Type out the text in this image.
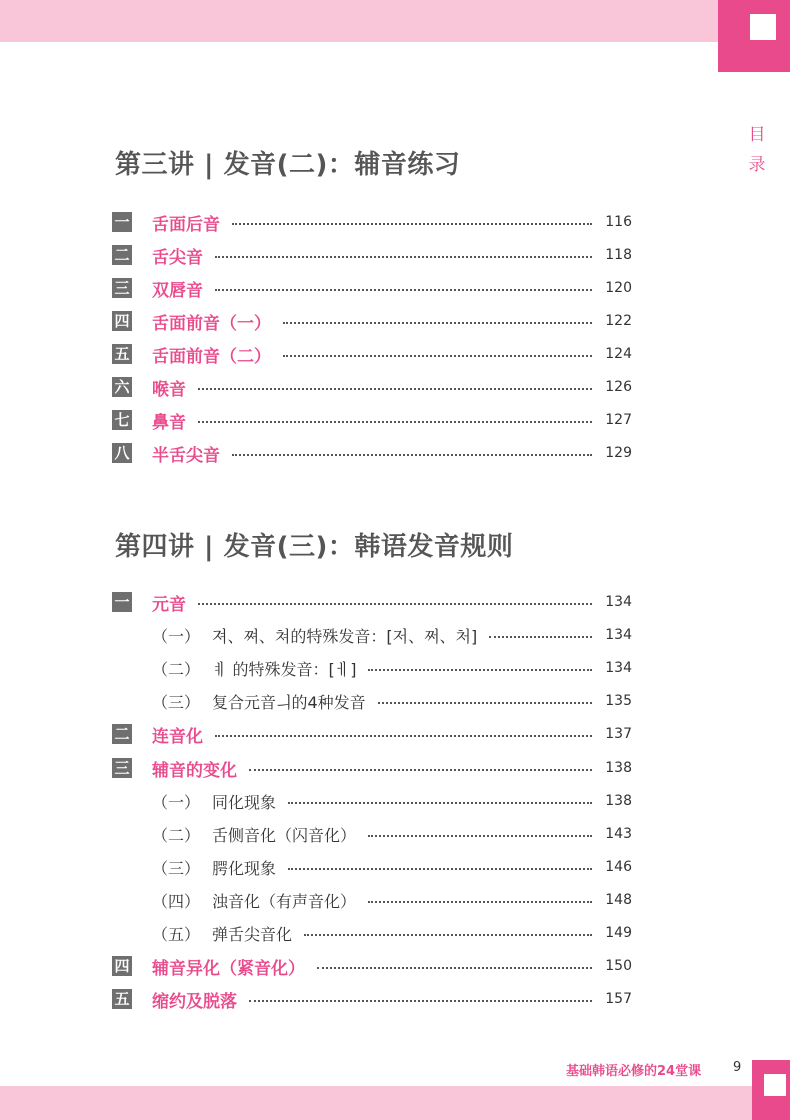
目
录
第三讲 | 发音(二)：辅音练习
一 舌面后音	116
二 舌尖音	118
三 双唇音	120
四 舌面前音（一）	122
五 舌面前音（二）	124
六 喉音	126
七 鼻音	127
八 半舌尖音	129
第四讲 | 发音(三)：韩语发音规则
一 元音	134
（一） 져、쪄、쳐的特殊发音：[저、쩌、처]	134
（二） ㅖ 的特殊发音：[ㅔ]	134
（三） 复合元音ㅢ的4种发音	135
二 连音化	137
三 辅音的变化	138
（一） 同化现象	138
（二） 舌侧音化（闪音化）	143
（三） 腭化现象	146
（四） 浊音化（有声音化）	148
（五） 弹舌尖音化	149
四 辅音异化（紧音化）	150
五 缩约及脱落	157
基础韩语必修的24堂课 9
